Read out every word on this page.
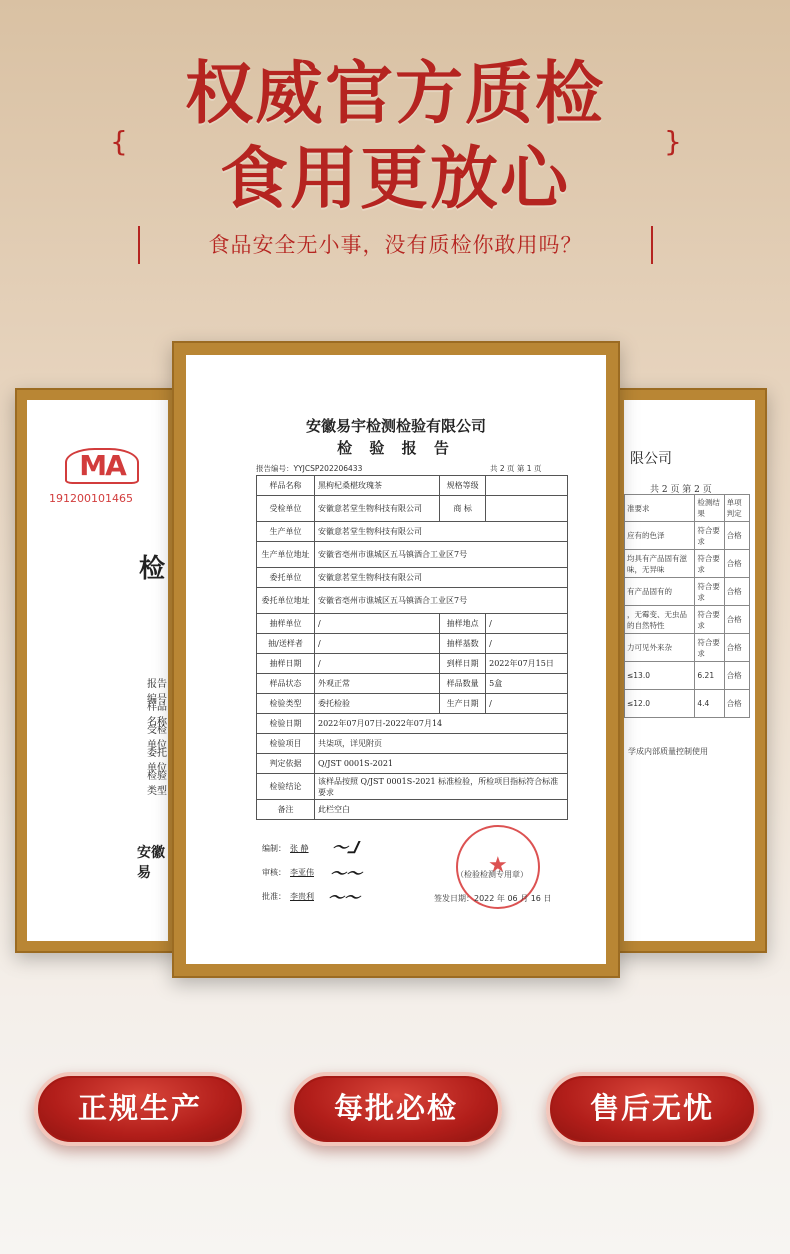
权威官方质检
{	食用更放心	}
食品安全无小事，没有质检你敢用吗？
MA
191200101465
检
报告编号
样品名称
受检单位
委托单位
检验类型
安徽易
限公司
共 2 页 第 2 页
准要求	检测结果	单项判定
应有的色泽	符合要求	合格
均具有产品固有滋味，无异味	符合要求	合格
有产品固有的	符合要求	合格
，无霉变、无虫品的自然特性	符合要求	合格
力可见外来杂	符合要求	合格
≤13.0	6.21	合格
≤12.0	4.4	合格
学成内部质量控制使用
安徽易宇检测检验有限公司
检 验 报 告
报告编号：YYJCSP202206433	共 2 页 第 1 页
样品名称	黑枸杞桑椹玫瑰茶	规格等级	
受检单位	安徽意茗堂生物科技有限公司	商 标	
生产单位	安徽意茗堂生物科技有限公司		
生产单位地址	安徽省亳州市谯城区五马镇酒合工业区7号		
委托单位	安徽意茗堂生物科技有限公司		
委托单位地址	安徽省亳州市谯城区五马镇酒合工业区7号		
抽样单位	/	抽样地点	/
抽/送样者	/	抽样基数	/
抽样日期	/	到样日期	2022年07月15日
样品状态	外观正常	样品数量	5盒
检验类型	委托检验	生产日期	/
检验日期	2022年07月07日-2022年07月14		
检验项目	共柒项，详见附页		
判定依据	Q/JST 0001S-2021		
检验结论	该样品按照 Q/JST 0001S-2021 标准检验，所检项目指标符合标准要求		
备注	此栏空白		
编制： 张 静
审核： 李亚伟
批准： 李贵利
〜ᒧ
～～
～～
★
（检验检测专用章）
签发日期：2022 年 06 月 16 日
正规生产	每批必检	售后无忧
